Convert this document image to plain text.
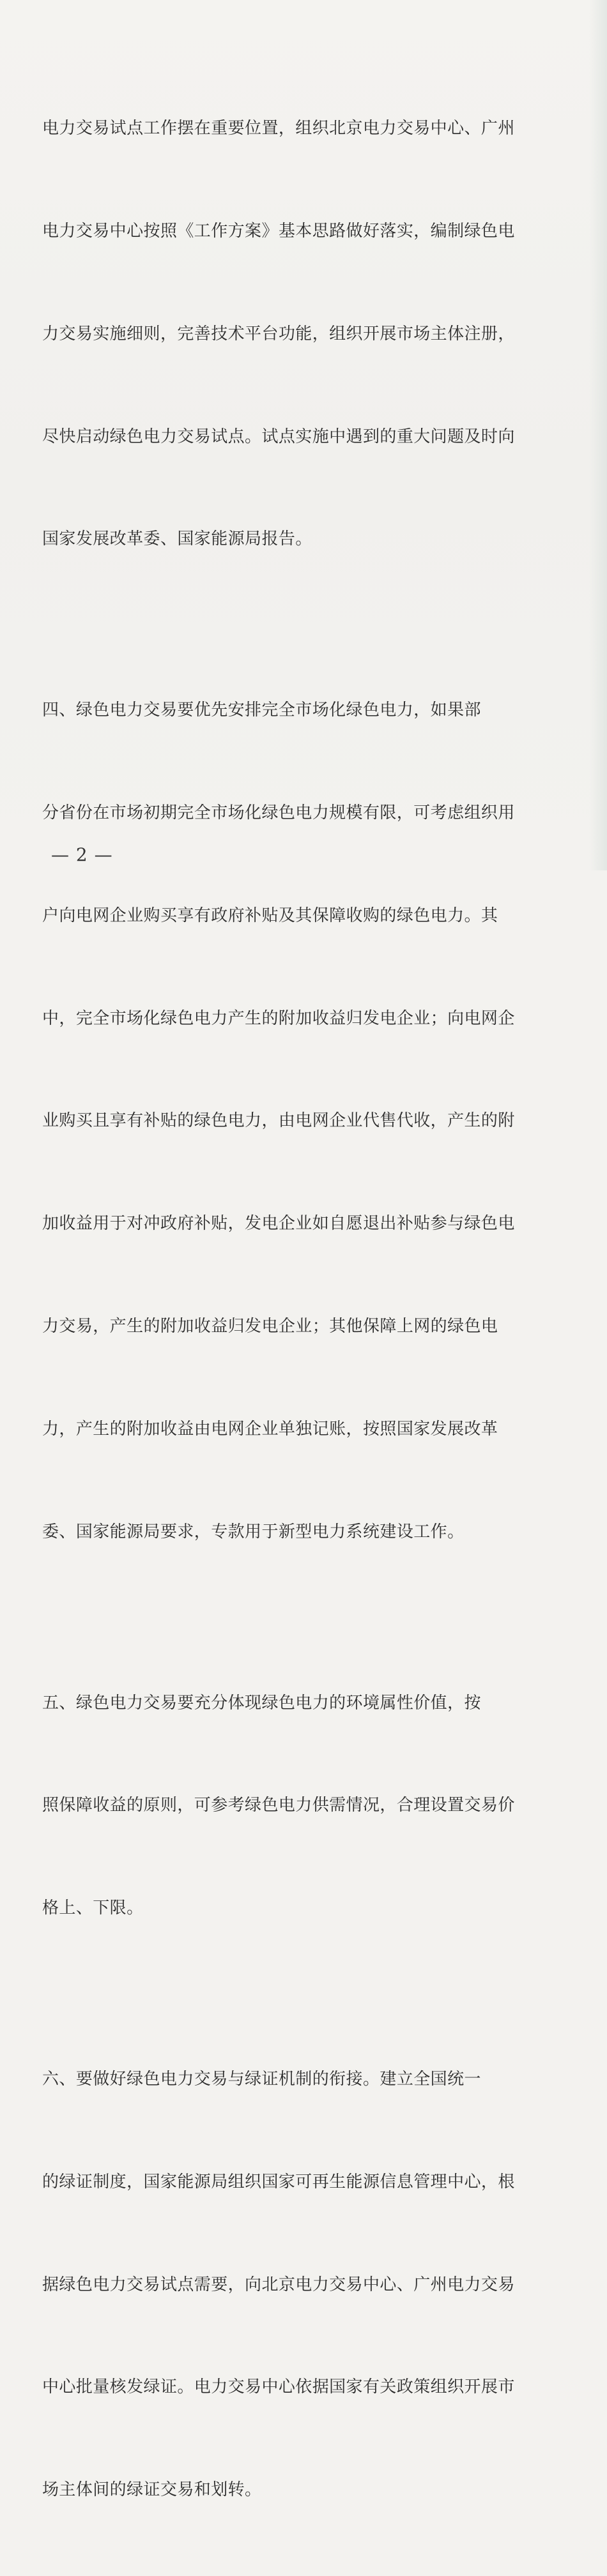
电力交易试点工作摆在重要位置，组织北京电力交易中心、广州

电力交易中心按照《工作方案》基本思路做好落实，编制绿色电

力交易实施细则，完善技术平台功能，组织开展市场主体注册，

尽快启动绿色电力交易试点。试点实施中遇到的重大问题及时向

国家发展改革委、国家能源局报告。

四、绿色电力交易要优先安排完全市场化绿色电力，如果部

分省份在市场初期完全市场化绿色电力规模有限，可考虑组织用

户向电网企业购买享有政府补贴及其保障收购的绿色电力。其

中，完全市场化绿色电力产生的附加收益归发电企业；向电网企

业购买且享有补贴的绿色电力，由电网企业代售代收，产生的附

加收益用于对冲政府补贴，发电企业如自愿退出补贴参与绿色电

力交易，产生的附加收益归发电企业；其他保障上网的绿色电

力，产生的附加收益由电网企业单独记账，按照国家发展改革

委、国家能源局要求，专款用于新型电力系统建设工作。

五、绿色电力交易要充分体现绿色电力的环境属性价值，按

照保障收益的原则，可参考绿色电力供需情况，合理设置交易价

格上、下限。

六、要做好绿色电力交易与绿证机制的衔接。建立全国统一

的绿证制度，国家能源局组织国家可再生能源信息管理中心，根

据绿色电力交易试点需要，向北京电力交易中心、广州电力交易

中心批量核发绿证。电力交易中心依据国家有关政策组织开展市

场主体间的绿证交易和划转。

— 2 —
